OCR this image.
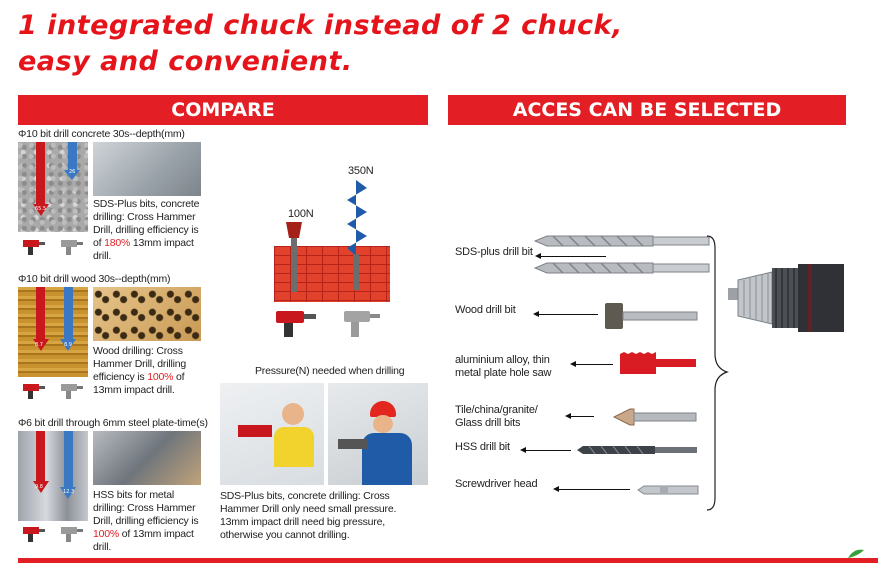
1 integrated chuck instead of 2 chuck,
easy and convenient.
COMPARE	ACCES CAN BE SELECTED
Φ10 bit drill concrete 30s--depth(mm)
65.5
26
SDS-Plus bits, concrete drilling: Cross Hammer Drill, drilling efficiency is of 180% 13mm impact drill.
Φ10 bit drill wood 30s--depth(mm)
8.7	8.9 Wood drilling: Cross Hammer Drill, drilling efficiency is 100% of 13mm impact drill.
Φ6 bit drill through 6mm steel plate-time(s)
9.8
12.3 HSS bits for metal drilling: Cross Hammer Drill, drilling efficiency is 100% of 13mm impact drill.
100N
350N
Pressure(N) needed when drilling
SDS-Plus bits, concrete drilling: Cross Hammer Drill only need small pressure. 13mm impact drill need big pressure, otherwise you cannot drilling.
SDS-plus drill bit
Wood drill bit
aluminium alloy, thin metal plate hole saw
Tile/china/granite/ Glass drill bits
HSS drill bit
Screwdriver head
